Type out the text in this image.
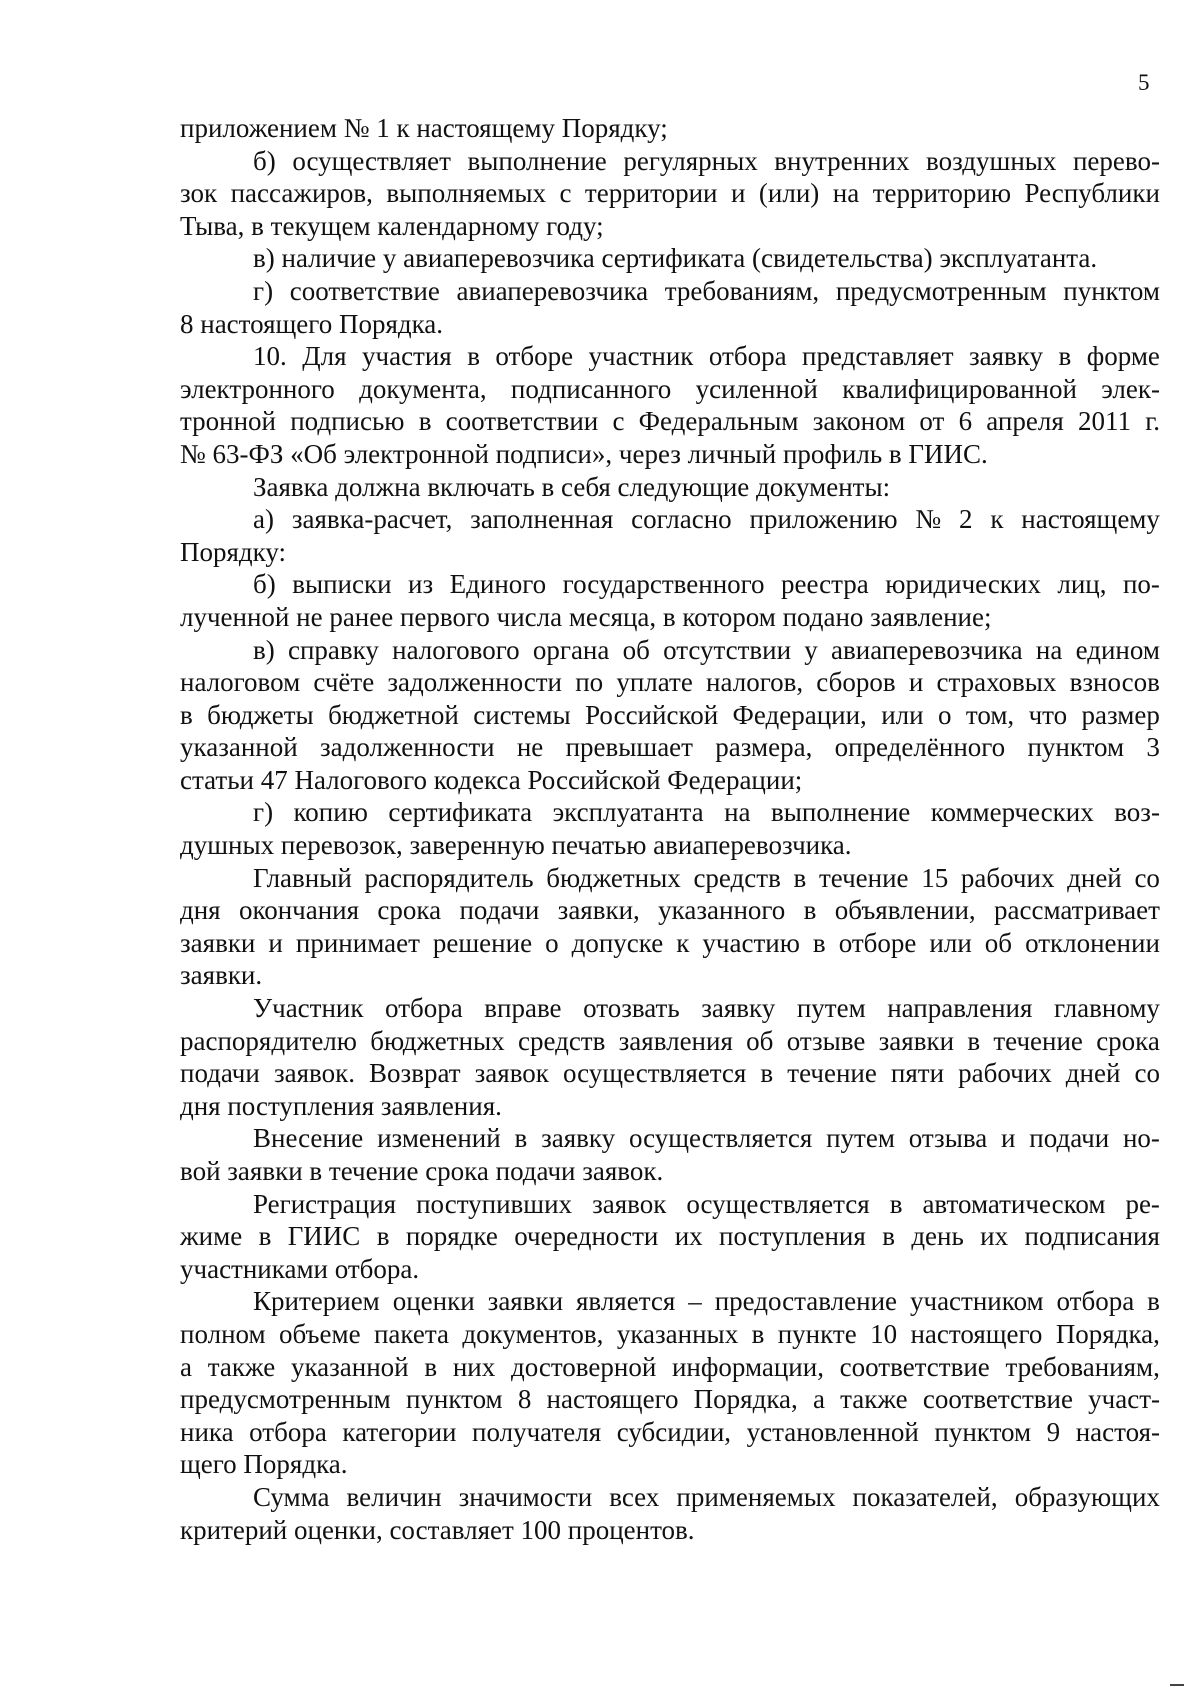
5
приложением № 1 к настоящему Порядку;
б) осуществляет выполнение регулярных внутренних воздушных перево-
зок пассажиров, выполняемых с территории и (или) на территорию Республики
Тыва, в текущем календарному году;
в) наличие у авиаперевозчика сертификата (свидетельства) эксплуатанта.
г) соответствие авиаперевозчика требованиям, предусмотренным пунктом
8 настоящего Порядка.
10. Для участия в отборе участник отбора представляет заявку в форме
электронного документа, подписанного усиленной квалифицированной элек-
тронной подписью в соответствии с Федеральным законом от 6 апреля 2011 г.
№ 63-ФЗ «Об электронной подписи», через личный профиль в ГИИС.
Заявка должна включать в себя следующие документы:
а) заявка-расчет, заполненная согласно приложению № 2 к настоящему
Порядку:
б) выписки из Единого государственного реестра юридических лиц, по-
лученной не ранее первого числа месяца, в котором подано заявление;
в) справку налогового органа об отсутствии у авиаперевозчика на едином
налоговом счёте задолженности по уплате налогов, сборов и страховых взносов
в бюджеты бюджетной системы Российской Федерации, или о том, что размер
указанной задолженности не превышает размера, определённого пунктом 3
статьи 47 Налогового кодекса Российской Федерации;
г) копию сертификата эксплуатанта на выполнение коммерческих воз-
душных перевозок, заверенную печатью авиаперевозчика.
Главный распорядитель бюджетных средств в течение 15 рабочих дней со
дня окончания срока подачи заявки, указанного в объявлении, рассматривает
заявки и принимает решение о допуске к участию в отборе или об отклонении
заявки.
Участник отбора вправе отозвать заявку путем направления главному
распорядителю бюджетных средств заявления об отзыве заявки в течение срока
подачи заявок. Возврат заявок осуществляется в течение пяти рабочих дней со
дня поступления заявления.
Внесение изменений в заявку осуществляется путем отзыва и подачи но-
вой заявки в течение срока подачи заявок.
Регистрация поступивших заявок осуществляется в автоматическом ре-
жиме в ГИИС в порядке очередности их поступления в день их подписания
участниками отбора.
Критерием оценки заявки является – предоставление участником отбора в
полном объеме пакета документов, указанных в пункте 10 настоящего Порядка,
а также указанной в них достоверной информации, соответствие требованиям,
предусмотренным пунктом 8 настоящего Порядка, а также соответствие участ-
ника отбора категории получателя субсидии, установленной пунктом 9 настоя-
щего Порядка.
Сумма величин значимости всех применяемых показателей, образующих
критерий оценки, составляет 100 процентов.
